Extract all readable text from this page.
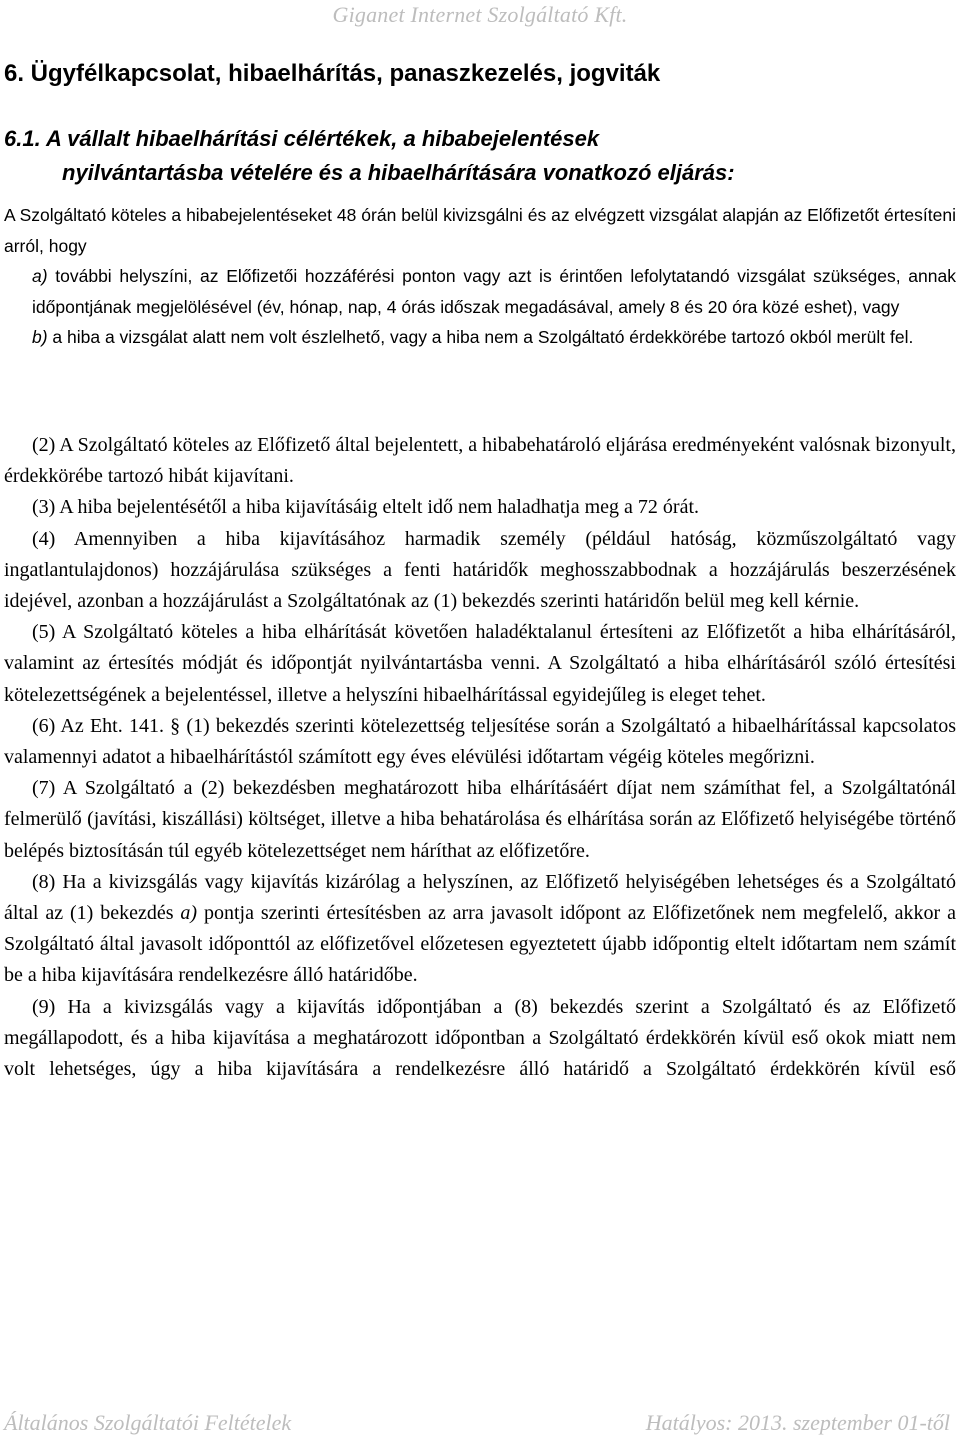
Giganet Internet Szolgáltató Kft.
6. Ügyfélkapcsolat, hibaelhárítás, panaszkezelés, jogviták
6.1. A vállalt hibaelhárítási célértékek, a hibabejelentések
nyilvántartásba vételére és a hibaelhárítására vonatkozó eljárás:

A Szolgáltató köteles a hibabejelentéseket 48 órán belül kivizsgálni és az elvégzett vizsgálat alapján az Előfizetőt értesíteni arról, hogy

a) további helyszíni, az Előfizetői hozzáférési ponton vagy azt is érintően lefolytatandó vizsgálat szükséges, annak időpontjának megjelölésével (év, hónap, nap, 4 órás időszak megadásával, amely 8 és 20 óra közé eshet), vagy

b) a hiba a vizsgálat alatt nem volt észlelhető, vagy a hiba nem a Szolgáltató érdekkörébe tartozó okból merült fel.

(2) A Szolgáltató köteles az Előfizető által bejelentett, a hibabehatároló eljárása eredményeként valósnak bizonyult, érdekkörébe tartozó hibát kijavítani.

(3) A hiba bejelentésétől a hiba kijavításáig eltelt idő nem haladhatja meg a 72 órát.

(4) Amennyiben a hiba kijavításához harmadik személy (például hatóság, közműszolgáltató vagy ingatlantulajdonos) hozzájárulása szükséges a fenti határidők meghosszabbodnak a hozzájárulás beszerzésének idejével, azonban a hozzájárulást a Szolgáltatónak az (1) bekezdés szerinti határidőn belül meg kell kérnie.

(5) A Szolgáltató köteles a hiba elhárítását követően haladéktalanul értesíteni az Előfizetőt a hiba elhárításáról, valamint az értesítés módját és időpontját nyilvántartásba venni. A Szolgáltató a hiba elhárításáról szóló értesítési kötelezettségének a bejelentéssel, illetve a helyszíni hibaelhárítással egyidejűleg is eleget tehet.

(6) Az Eht. 141. § (1) bekezdés szerinti kötelezettség teljesítése során a Szolgáltató a hibaelhárítással kapcsolatos valamennyi adatot a hibaelhárítástól számított egy éves elévülési időtartam végéig köteles megőrizni.

(7) A Szolgáltató a (2) bekezdésben meghatározott hiba elhárításáért díjat nem számíthat fel, a Szolgáltatónál felmerülő (javítási, kiszállási) költséget, illetve a hiba behatárolása és elhárítása során az Előfizető helyiségébe történő belépés biztosításán túl egyéb kötelezettséget nem háríthat az előfizetőre.

(8) Ha a kivizsgálás vagy kijavítás kizárólag a helyszínen, az Előfizető helyiségében lehetséges és a Szolgáltató által az (1) bekezdés a) pontja szerinti értesítésben az arra javasolt időpont az Előfizetőnek nem megfelelő, akkor a Szolgáltató által javasolt időponttól az előfizetővel előzetesen egyeztetett újabb időpontig eltelt időtartam nem számít be a hiba kijavítására rendelkezésre álló határidőbe.

(9) Ha a kivizsgálás vagy a kijavítás időpontjában a (8) bekezdés szerint a Szolgáltató és az Előfizető megállapodott, és a hiba kijavítása a meghatározott időpontban a Szolgáltató érdekkörén kívül eső okok miatt nem volt lehetséges, úgy a hiba kijavítására a rendelkezésre álló határidő a Szolgáltató érdekkörén kívül eső

Általános Szolgáltatói Feltételek	Hatályos: 2013. szeptember 01-től
